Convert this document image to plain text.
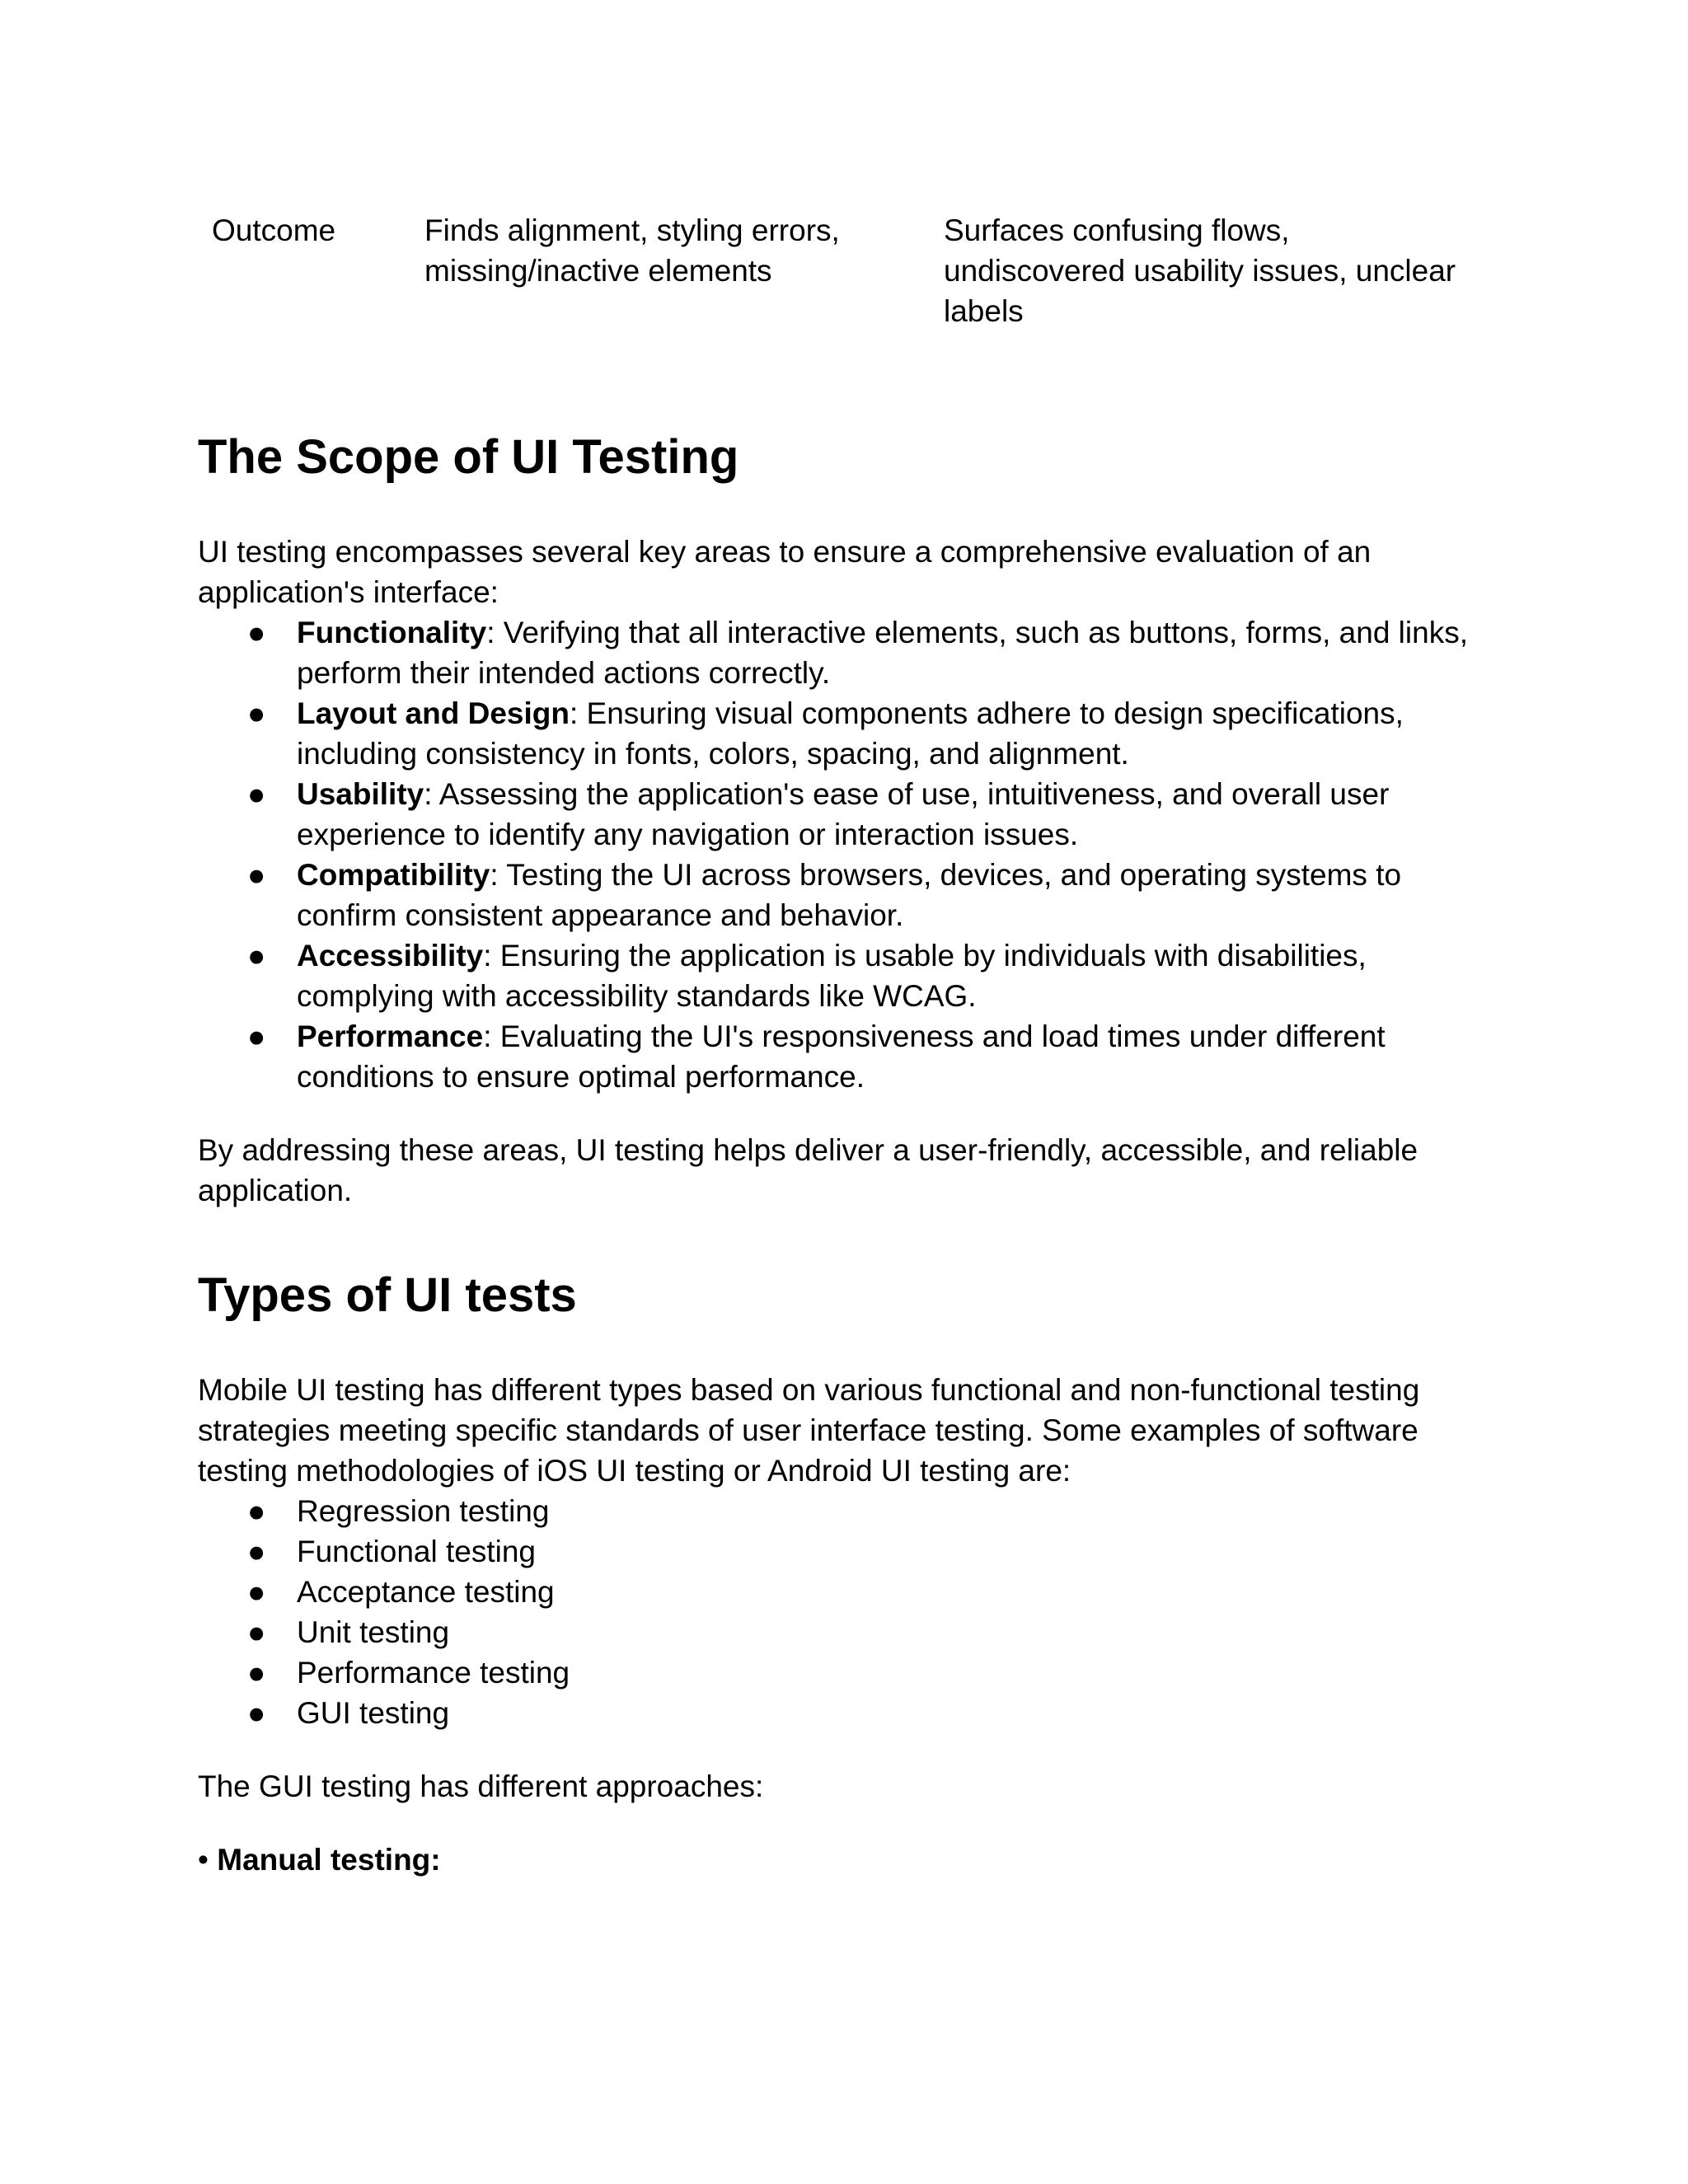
Outcome	Finds alignment, styling errors, missing/inactive elements
Surfaces confusing flows, undiscovered usability issues, unclear labels
The Scope of UI Testing

UI testing encompasses several key areas to ensure a comprehensive evaluation of an application's interface:

● Functionality: Verifying that all interactive elements, such as buttons, forms, and links, perform their intended actions correctly.
● Layout and Design: Ensuring visual components adhere to design specifications, including consistency in fonts, colors, spacing, and alignment.
● Usability: Assessing the application's ease of use, intuitiveness, and overall user experience to identify any navigation or interaction issues.
● Compatibility: Testing the UI across browsers, devices, and operating systems to confirm consistent appearance and behavior.
● Accessibility: Ensuring the application is usable by individuals with disabilities, complying with accessibility standards like WCAG.
● Performance: Evaluating the UI's responsiveness and load times under different conditions to ensure optimal performance.

By addressing these areas, UI testing helps deliver a user-friendly, accessible, and reliable application.

Types of UI tests

Mobile UI testing has different types based on various functional and non-functional testing strategies meeting specific standards of user interface testing. Some examples of software testing methodologies of iOS UI testing or Android UI testing are:

● Regression testing
● Functional testing
● Acceptance testing
● Unit testing
● Performance testing
● GUI testing

The GUI testing has different approaches:

• Manual testing:
